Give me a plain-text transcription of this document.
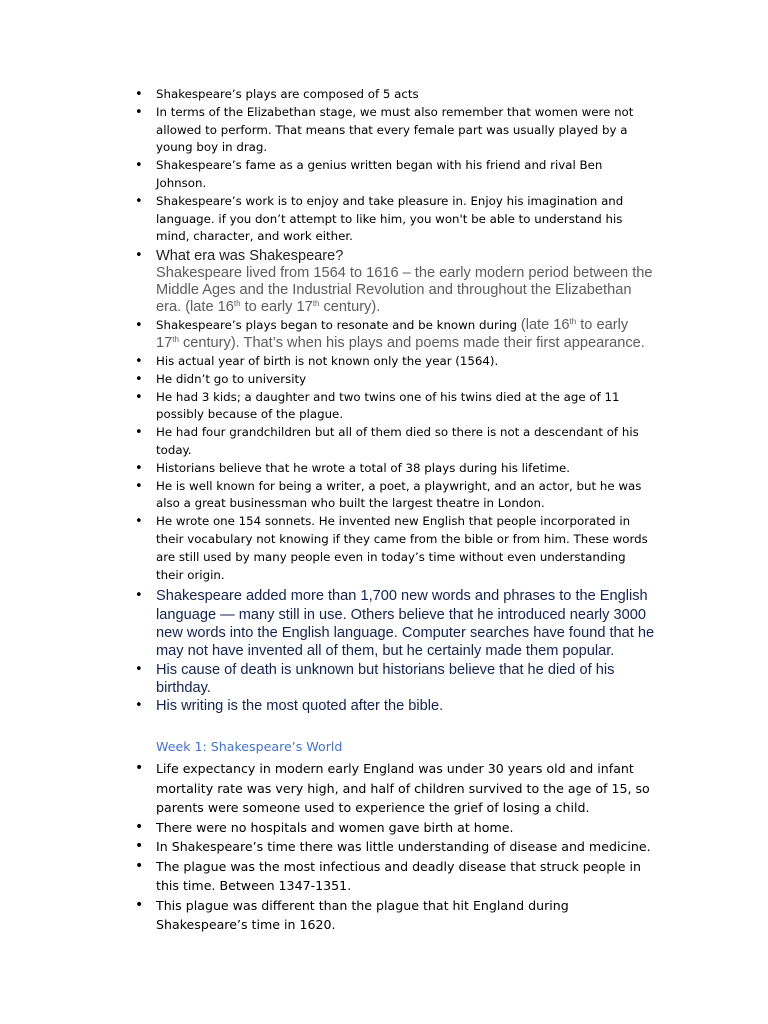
• Shakespeare’s plays are composed of 5 acts
• In terms of the Elizabethan stage, we must also remember that women were not allowed to perform. That means that every female part was usually played by a young boy in drag.
• Shakespeare’s fame as a genius written began with his friend and rival Ben Johnson.
• Shakespeare’s work is to enjoy and take pleasure in. Enjoy his imagination and language. if you don’t attempt to like him, you won't be able to understand his mind, character, and work either.
• What era was Shakespeare?
Shakespeare lived from 1564 to 1616 – the early modern period between the Middle Ages and the Industrial Revolution and throughout the Elizabethan era. (late 16th to early 17th century).
• Shakespeare’s plays began to resonate and be known during (late 16th to early 17th century). That’s when his plays and poems made their first appearance.
• His actual year of birth is not known only the year (1564).
• He didn’t go to university
• He had 3 kids; a daughter and two twins one of his twins died at the age of 11 possibly because of the plague.
• He had four grandchildren but all of them died so there is not a descendant of his today.
• Historians believe that he wrote a total of 38 plays during his lifetime.
• He is well known for being a writer, a poet, a playwright, and an actor, but he was also a great businessman who built the largest theatre in London.
• He wrote one 154 sonnets. He invented new English that people incorporated in their vocabulary not knowing if they came from the bible or from him. These words are still used by many people even in today’s time without even understanding their origin.
• Shakespeare added more than 1,700 new words and phrases to the English language — many still in use. Others believe that he introduced nearly 3000 new words into the English language. Computer searches have found that he may not have invented all of them, but he certainly made them popular.
• His cause of death is unknown but historians believe that he died of his birthday.
• His writing is the most quoted after the bible.
Week 1: Shakespeare’s World
• Life expectancy in modern early England was under 30 years old and infant mortality rate was very high, and half of children survived to the age of 15, so parents were someone used to experience the grief of losing a child.
• There were no hospitals and women gave birth at home.
• In Shakespeare’s time there was little understanding of disease and medicine.
• The plague was the most infectious and deadly disease that struck people in this time. Between 1347-1351.
• This plague was different than the plague that hit England during Shakespeare’s time in 1620.
